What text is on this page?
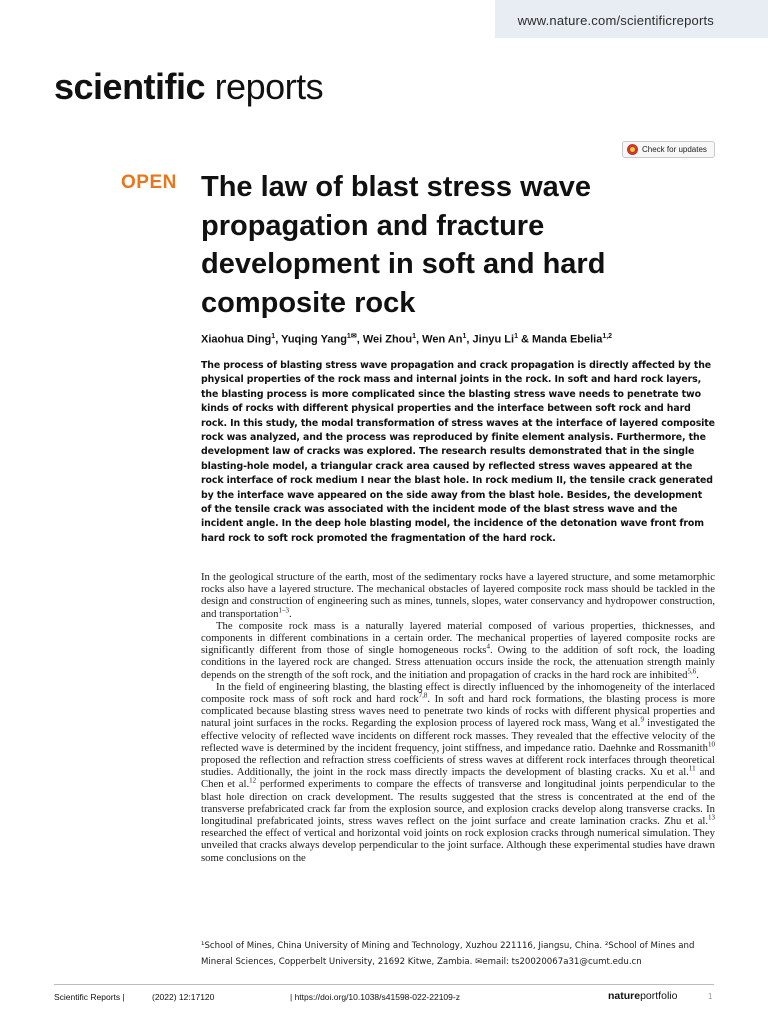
www.nature.com/scientificreports
scientific reports
Check for updates
OPEN The law of blast stress wave propagation and fracture development in soft and hard composite rock
Xiaohua Ding$^1$, Yuqing Yang$^{1✉}$, Wei Zhou$^1$, Wen An$^1$, Jinyu Li$^1$ & Manda Ebelia$^{1,2}$

The process of blasting stress wave propagation and crack propagation is directly affected by the physical properties of the rock mass and internal joints in the rock. In soft and hard rock layers, the blasting process is more complicated since the blasting stress wave needs to penetrate two kinds of rocks with different physical properties and the interface between soft rock and hard rock. In this study, the modal transformation of stress waves at the interface of layered composite rock was analyzed, and the process was reproduced by finite element analysis. Furthermore, the development law of cracks was explored. The research results demonstrated that in the single blasting-hole model, a triangular crack area caused by reflected stress waves appeared at the rock interface of rock medium I near the blast hole. In rock medium II, the tensile crack generated by the interface wave appeared on the side away from the blast hole. Besides, the development of the tensile crack was associated with the incident mode of the blast stress wave and the incident angle. In the deep hole blasting model, the incidence of the detonation wave front from hard rock to soft rock promoted the fragmentation of the hard rock.

In the geological structure of the earth, most of the sedimentary rocks have a layered structure, and some metamorphic rocks also have a layered structure. The mechanical obstacles of layered composite rock mass should be tackled in the design and construction of engineering such as mines, tunnels, slopes, water conservancy and hydropower construction, and transportation$^{1-3}$.

The composite rock mass is a naturally layered material composed of various properties, thicknesses, and components in different combinations in a certain order. The mechanical properties of layered composite rocks are significantly different from those of single homogeneous rocks$^4$. Owing to the addition of soft rock, the loading conditions in the layered rock are changed. Stress attenuation occurs inside the rock, the attenuation strength mainly depends on the strength of the soft rock, and the initiation and propagation of cracks in the hard rock are inhibited$^{5,6}$.

In the field of engineering blasting, the blasting effect is directly influenced by the inhomogeneity of the interlaced composite rock mass of soft rock and hard rock$^{7,8}$. In soft and hard rock formations, the blasting process is more complicated because blasting stress waves need to penetrate two kinds of rocks with different physical properties and natural joint surfaces in the rocks. Regarding the explosion process of layered rock mass, Wang et al.$^9$ investigated the effective velocity of reflected wave incidents on different rock masses. They revealed that the effective velocity of the reflected wave is determined by the incident frequency, joint stiffness, and impedance ratio. Daehnke and Rossmanith$^{10}$ proposed the reflection and refraction stress coefficients of stress waves at different rock interfaces through theoretical studies. Additionally, the joint in the rock mass directly impacts the development of blasting cracks. Xu et al.$^{11}$ and Chen et al.$^{12}$ performed experiments to compare the effects of transverse and longitudinal joints perpendicular to the blast hole direction on crack development. The results suggested that the stress is concentrated at the end of the transverse prefabricated crack far from the explosion source, and explosion cracks develop along transverse cracks. In longitudinal prefabricated joints, stress waves reflect on the joint surface and create lamination cracks. Zhu et al.$^{13}$ researched the effect of vertical and horizontal void joints on rock explosion cracks through numerical simulation. They unveiled that cracks always develop perpendicular to the joint surface. Although these experimental studies have drawn some conclusions on the

¹School of Mines, China University of Mining and Technology, Xuzhou 221116, Jiangsu, China. ²School of Mines and Mineral Sciences, Copperbelt University, 21692 Kitwe, Zambia. ✉email: ts20020067a31@cumt.edu.cn
Scientific Reports |	(2022) 12:17120	| https://doi.org/10.1038/s41598-022-22109-z	natureportfolio	1
